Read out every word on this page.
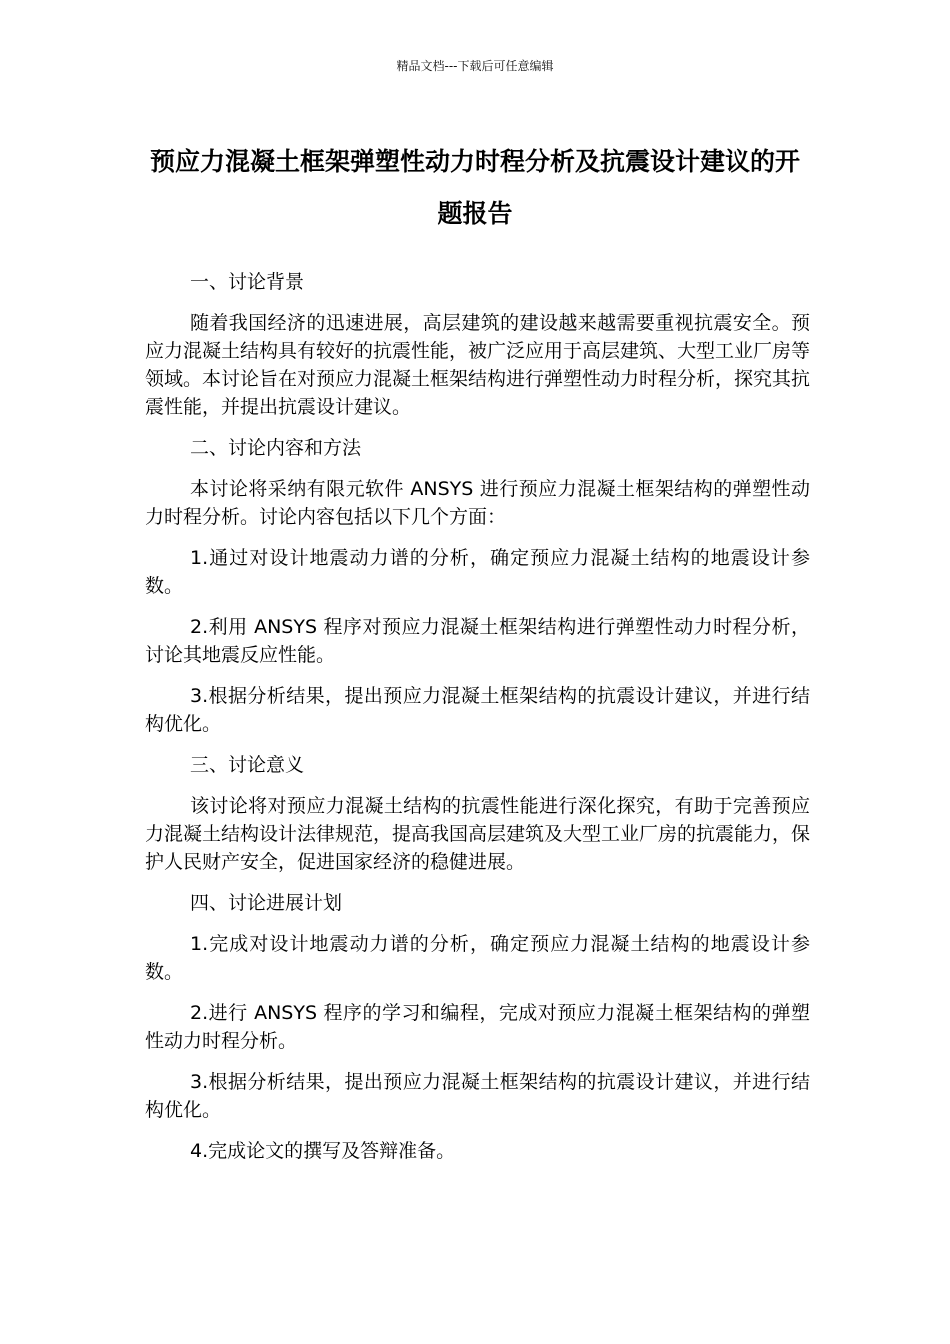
精品文档---下载后可任意编辑
预应力混凝土框架弹塑性动力时程分析及抗震设计建议的开题报告

一、讨论背景

随着我国经济的迅速进展，高层建筑的建设越来越需要重视抗震安全。预应力混凝土结构具有较好的抗震性能，被广泛应用于高层建筑、大型工业厂房等领域。本讨论旨在对预应力混凝土框架结构进行弹塑性动力时程分析，探究其抗震性能，并提出抗震设计建议。

二、讨论内容和方法

本讨论将采纳有限元软件 ANSYS 进行预应力混凝土框架结构的弹塑性动力时程分析。讨论内容包括以下几个方面：

1.通过对设计地震动力谱的分析，确定预应力混凝土结构的地震设计参数。

2.利用 ANSYS 程序对预应力混凝土框架结构进行弹塑性动力时程分析，讨论其地震反应性能。

3.根据分析结果，提出预应力混凝土框架结构的抗震设计建议，并进行结构优化。

三、讨论意义

该讨论将对预应力混凝土结构的抗震性能进行深化探究，有助于完善预应力混凝土结构设计法律规范，提高我国高层建筑及大型工业厂房的抗震能力，保护人民财产安全，促进国家经济的稳健进展。

四、讨论进展计划

1.完成对设计地震动力谱的分析，确定预应力混凝土结构的地震设计参数。

2.进行 ANSYS 程序的学习和编程，完成对预应力混凝土框架结构的弹塑性动力时程分析。

3.根据分析结果，提出预应力混凝土框架结构的抗震设计建议，并进行结构优化。

4.完成论文的撰写及答辩准备。
